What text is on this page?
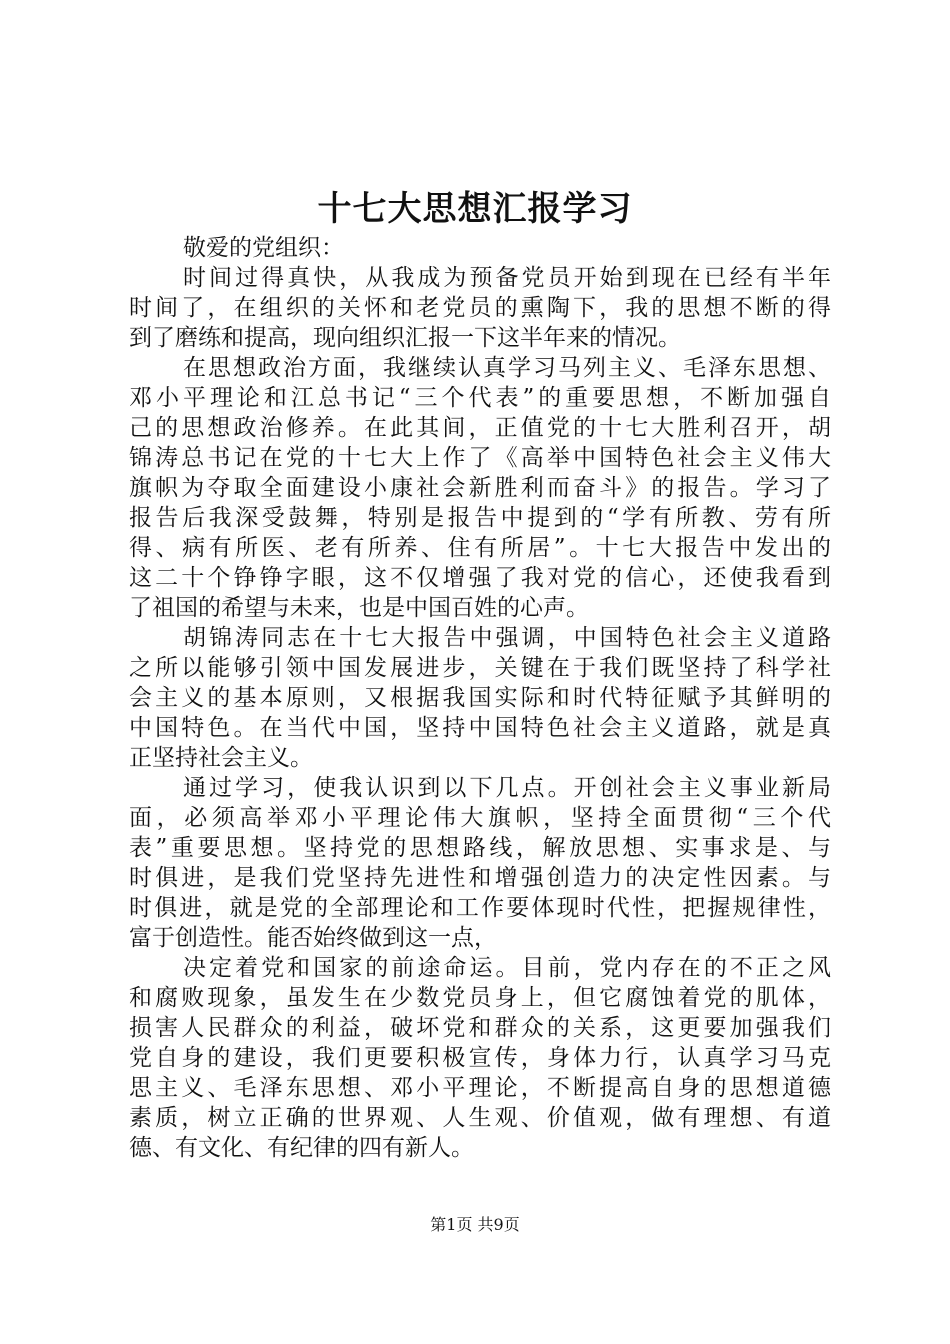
十七大思想汇报学习
敬爱的党组织：
时间过得真快，从我成为预备党员开始到现在已经有半年
时间了，在组织的关怀和老党员的熏陶下，我的思想不断的得
到了磨练和提高，现向组织汇报一下这半年来的情况。
在思想政治方面，我继续认真学习马列主义、毛泽东思想、
邓小平理论和江总书记“三个代表”的重要思想，不断加强自
己的思想政治修养。在此其间，正值党的十七大胜利召开，胡
锦涛总书记在党的十七大上作了《高举中国特色社会主义伟大
旗帜为夺取全面建设小康社会新胜利而奋斗》的报告。学习了
报告后我深受鼓舞，特别是报告中提到的“学有所教、劳有所
得、病有所医、老有所养、住有所居”。十七大报告中发出的
这二十个铮铮字眼，这不仅增强了我对党的信心，还使我看到
了祖国的希望与未来，也是中国百姓的心声。
胡锦涛同志在十七大报告中强调，中国特色社会主义道路
之所以能够引领中国发展进步，关键在于我们既坚持了科学社
会主义的基本原则，又根据我国实际和时代特征赋予其鲜明的
中国特色。在当代中国，坚持中国特色社会主义道路，就是真
正坚持社会主义。
通过学习，使我认识到以下几点。开创社会主义事业新局
面，必须高举邓小平理论伟大旗帜，坚持全面贯彻“三个代
表”重要思想。坚持党的思想路线，解放思想、实事求是、与
时俱进，是我们党坚持先进性和增强创造力的决定性因素。与
时俱进，就是党的全部理论和工作要体现时代性，把握规律性，
富于创造性。能否始终做到这一点，
决定着党和国家的前途命运。目前，党内存在的不正之风
和腐败现象，虽发生在少数党员身上，但它腐蚀着党的肌体，
损害人民群众的利益，破坏党和群众的关系，这更要加强我们
党自身的建设，我们更要积极宣传，身体力行，认真学习马克
思主义、毛泽东思想、邓小平理论，不断提高自身的思想道德
素质，树立正确的世界观、人生观、价值观，做有理想、有道
德、有文化、有纪律的四有新人。
第1页 共9页
